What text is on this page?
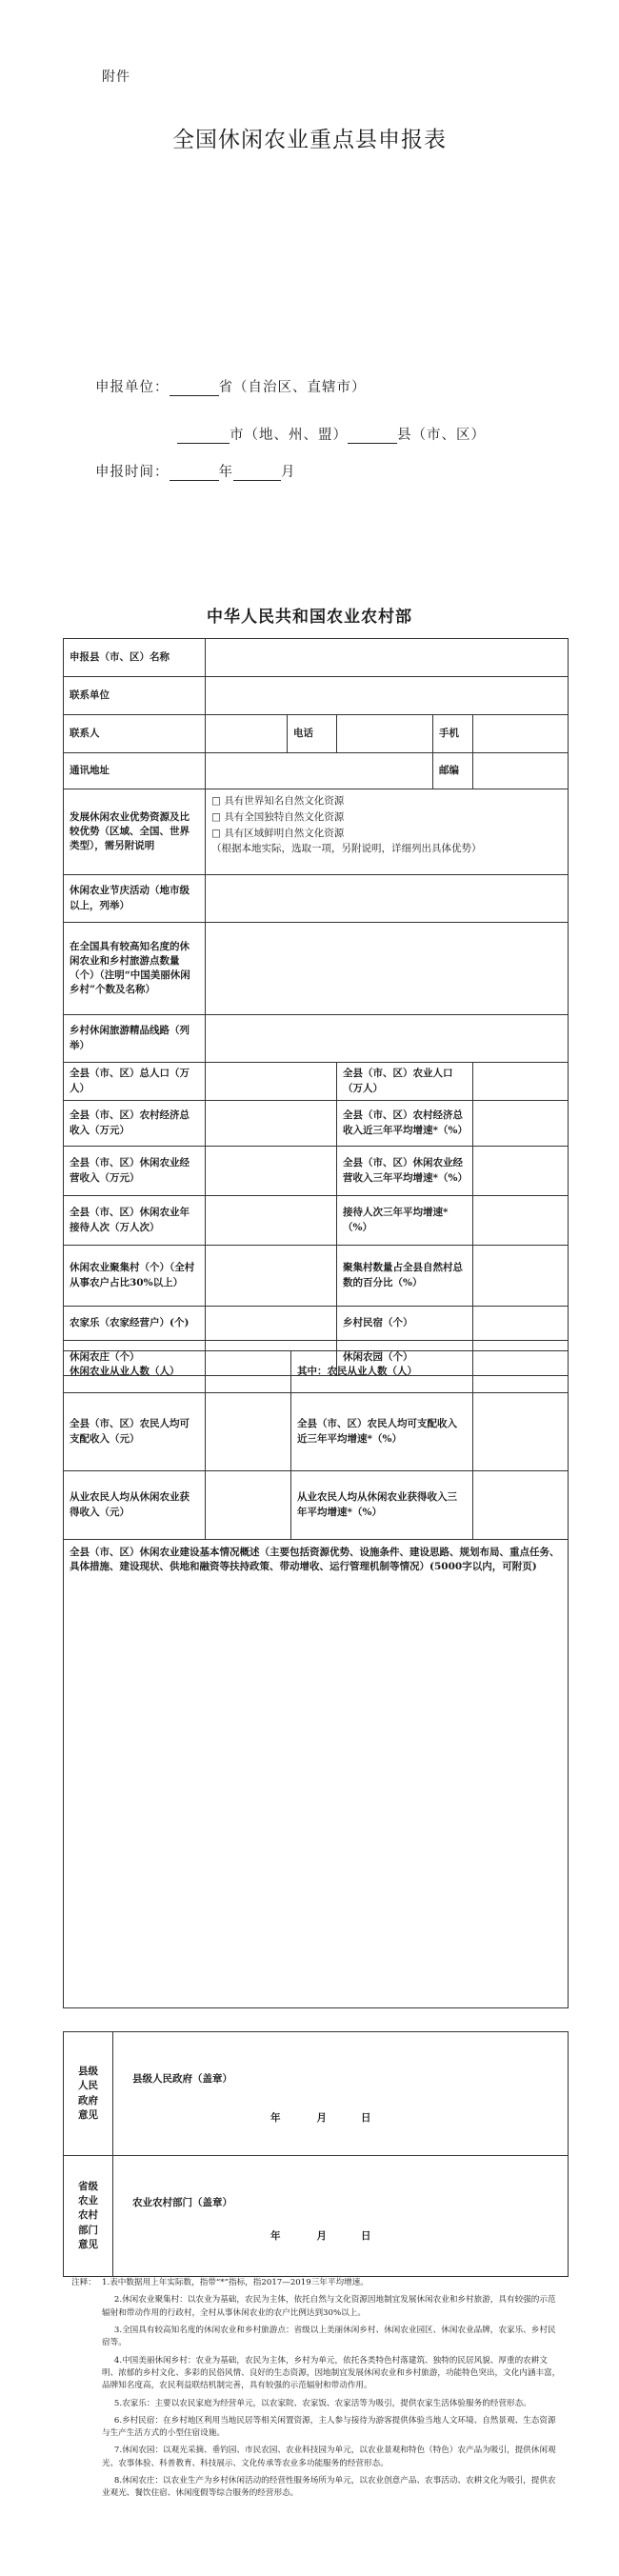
附件
全国休闲农业重点县申报表
申报单位：	省（自治区、直辖市）
市（地、州、盟）	县（市、区）
申报时间：	年	月
中华人民共和国农业农村部
申报县（市、区）名称					
联系单位					
联系人		电话		手机	
通讯地址				邮编	
发展休闲农业优势资源及比较优势（区域、全国、世界类型），需另附说明	□ 具有世界知名自然文化资源
□ 具有全国独特自然文化资源
□ 具有区域鲜明自然文化资源
（根据本地实际，选取一项，另附说明，详细列出具体优势）				

休闲农业节庆活动（地市级以上，列举）					
在全国具有较高知名度的休闲农业和乡村旅游点数量（个）（注明“中国美丽休闲乡村”个数及名称）					
乡村休闲旅游精品线路（列举）					
全县（市、区）总人口（万人）			全县（市、区）农业人口（万人）		
全县（市、区）农村经济总收入（万元）			全县（市、区）农村经济总收入近三年平均增速*（%）		
全县（市、区）休闲农业经营收入（万元）			全县（市、区）休闲农业经营收入三年平均增速*（%）		
全县（市、区）休闲农业年接待人次（万人次）			接待人次三年平均增速*（%）		
休闲农业聚集村（个）（全村从事农户占比30%以上）			聚集村数量占全县自然村总数的百分比（%）		
农家乐（农家经营户）(个)			乡村民宿（个）		
休闲农庄（个）			休闲农园（个）		
休闲农业从业人数（人）		其中：农民从业人数（人）	
全县（市、区）农民人均可支配收入（元）		全县（市、区）农民人均可支配收入近三年平均增速*（%）	
从业农民人均从休闲农业获得收入（元）		从业农民人均从休闲农业获得收入三年平均增速*（%）	
全县（市、区）休闲农业建设基本情况概述（主要包括资源优势、设施条件、建设思路、规划布局、重点任务、具体措施、建设现状、供地和融资等扶持政策、带动增收、运行管理机制等情况）(5000字以内，可附页)			
县级人民政府意见	县级人民政府（盖章）
年 月 日

省级农业农村部门意见	农业农村部门（盖章）
年 月 日
注释： 1.表中数据用上年实际数，指带“*”指标，指2017—2019三年平均增速。

2.休闲农业聚集村：以农业为基础，农民为主体，依托自然与文化资源因地制宜发展休闲农业和乡村旅游，具有较强的示范辐射和带动作用的行政村，全村从事休闲农业的农户比例达到30%以上。

3.全国具有较高知名度的休闲农业和乡村旅游点：省级以上美丽休闲乡村、休闲农业园区、休闲农业品牌，农家乐、乡村民宿等。

4.中国美丽休闲乡村：农业为基础，农民为主体，乡村为单元，依托各类特色村落建筑、独特的民居风貌、厚重的农耕文明、浓郁的乡村文化、多彩的民俗风情、良好的生态资源，因地制宜发展休闲农业和乡村旅游，功能特色突出，文化内涵丰富，品牌知名度高，农民利益联结机制完善，具有较强的示范辐射和带动作用。

5.农家乐：主要以农民家庭为经营单元，以农家院、农家饭、农家活等为吸引，提供农家生活体验服务的经营形态。

6.乡村民宿：在乡村地区利用当地民居等相关闲置资源，主人参与接待为游客提供体验当地人文环境、自然景观、生态资源与生产生活方式的小型住宿设施。

7.休闲农园：以观光采摘、垂钓园、市民农园、农业科技园为单元，以农业景观和特色（特色）农产品为吸引，提供休闲观光、农事体验、科普教育、科技展示、文化传承等农业多功能服务的经营形态。

8.休闲农庄：以农业生产为乡村休闲活动的经营性服务场所为单元，以农业创意产品、农事活动、农耕文化为吸引，提供农业观光、餐饮住宿、休闲度假等综合服务的经营形态。
